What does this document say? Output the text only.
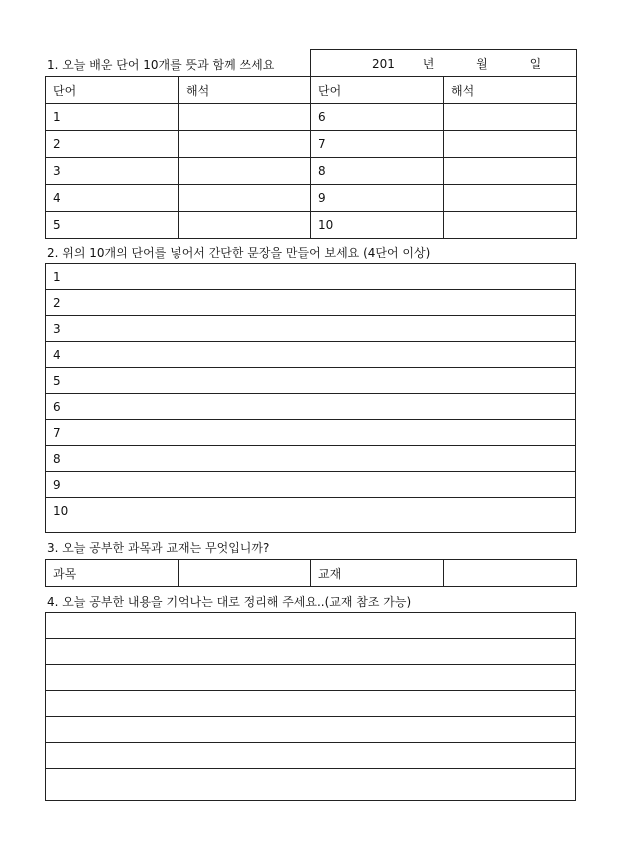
1. 오늘 배운 단어 10개를 뜻과 함께 쓰세요
		201 년 월 일	
단어	해석	단어	해석
1		6	
2		7	
3		8	
4		9	
5		10	
2. 위의 10개의 단어를 넣어서 간단한 문장을 만들어 보세요 (4단어 이상)
1
2
3
4
5
6
7
8
9
10
3. 오늘 공부한 과목과 교재는 무엇입니까?
과목		교재	
4. 오늘 공부한 내용을 기억나는 대로 정리해 주세요..(교재 참조 가능)
